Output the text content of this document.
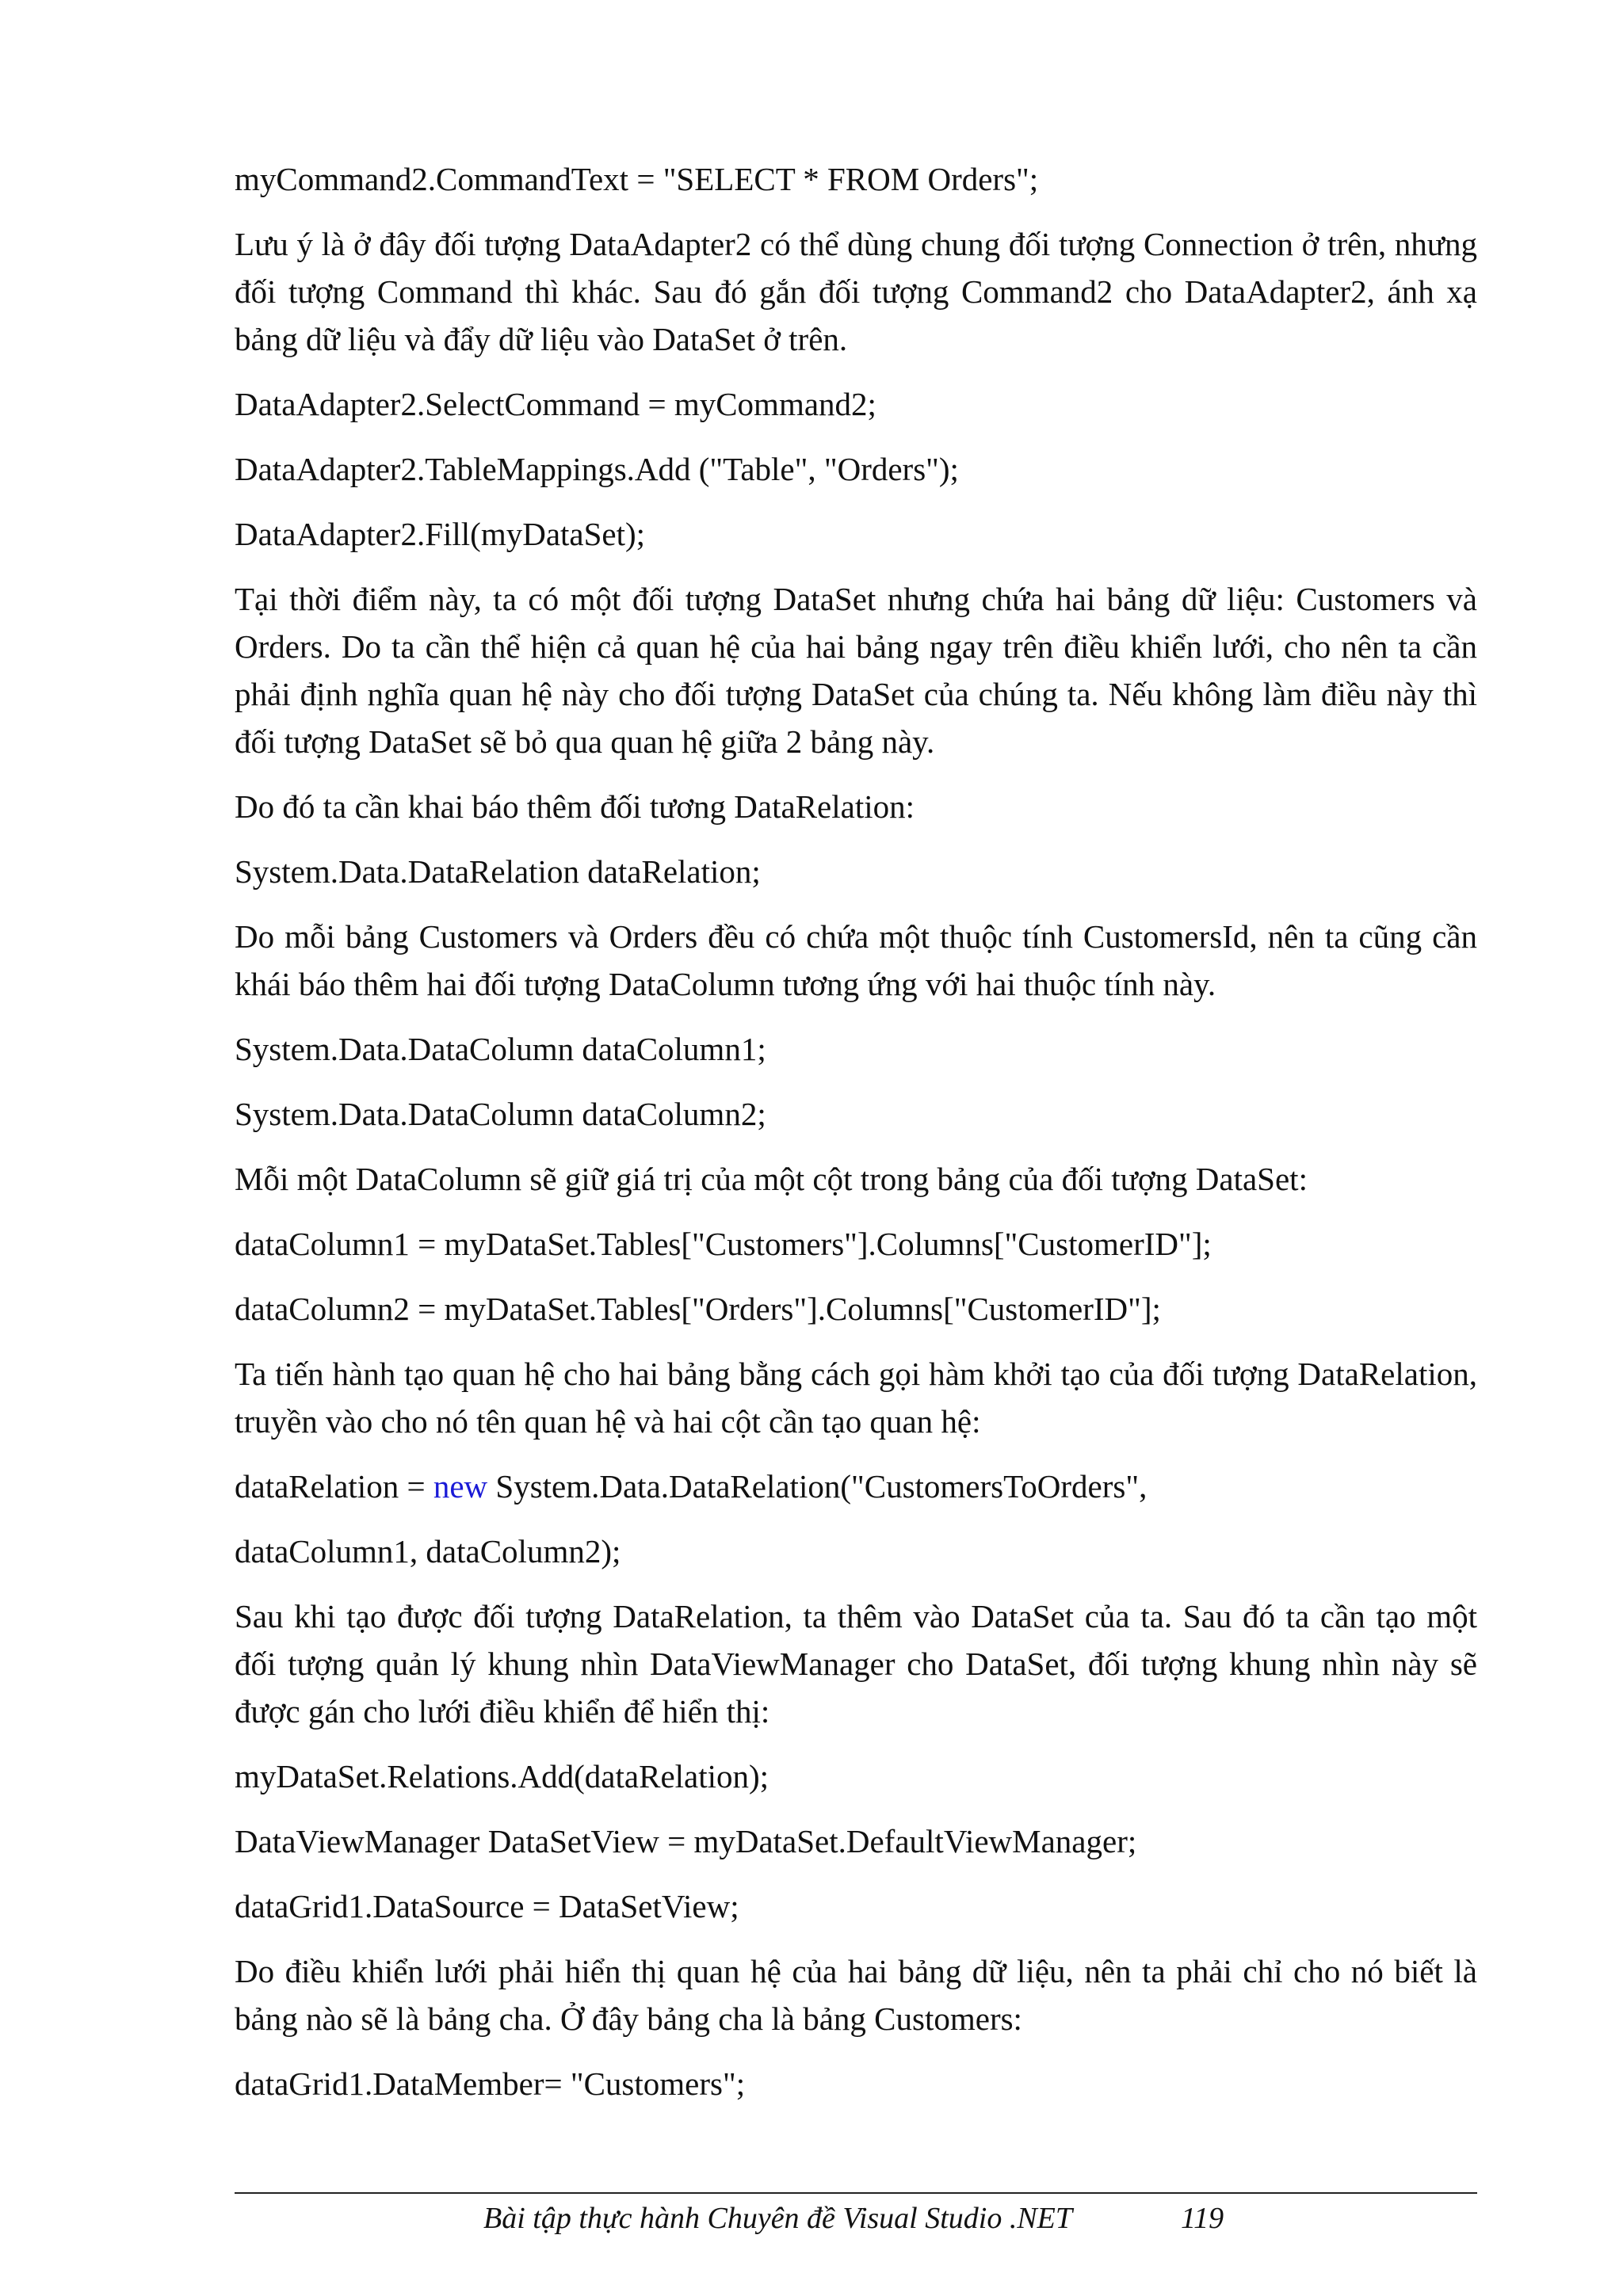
myCommand2.CommandText = "SELECT * FROM Orders";
Lưu ý là ở đây đối tượng DataAdapter2 có thể dùng chung đối tượng Connection ở trên, nhưng đối tượng Command thì khác. Sau đó gắn đối tượng Command2 cho DataAdapter2, ánh xạ bảng dữ liệu và đẩy dữ liệu vào DataSet ở trên.
DataAdapter2.SelectCommand = myCommand2;
DataAdapter2.TableMappings.Add ("Table", "Orders");
DataAdapter2.Fill(myDataSet);
Tại thời điểm này, ta có một đối tượng DataSet nhưng chứa hai bảng dữ liệu: Customers và Orders. Do ta cần thể hiện cả quan hệ của hai bảng ngay trên điều khiển lưới, cho nên ta cần phải định nghĩa quan hệ này cho đối tượng DataSet của chúng ta. Nếu không làm điều này thì đối tượng DataSet sẽ bỏ qua quan hệ giữa 2 bảng này.
Do đó ta cần khai báo thêm đối tương DataRelation:
System.Data.DataRelation dataRelation;
Do mỗi bảng Customers và Orders đều có chứa một thuộc tính CustomersId, nên ta cũng cần khái báo thêm hai đối tượng DataColumn tương ứng với hai thuộc tính này.
System.Data.DataColumn dataColumn1;
System.Data.DataColumn dataColumn2;
Mỗi một DataColumn sẽ giữ giá trị của một cột trong bảng của đối tượng DataSet:
dataColumn1 = myDataSet.Tables["Customers"].Columns["CustomerID"];
dataColumn2 = myDataSet.Tables["Orders"].Columns["CustomerID"];
Ta tiến hành tạo quan hệ cho hai bảng bằng cách gọi hàm khởi tạo của đối tượng DataRelation, truyền vào cho nó tên quan hệ và hai cột cần tạo quan hệ:
dataRelation = new System.Data.DataRelation("CustomersToOrders",
dataColumn1, dataColumn2);
Sau khi tạo được đối tượng DataRelation, ta thêm vào DataSet của ta. Sau đó ta cần tạo một đối tượng quản lý khung nhìn DataViewManager cho DataSet, đối tượng khung nhìn này sẽ được gán cho lưới điều khiển để hiển thị:
myDataSet.Relations.Add(dataRelation);
DataViewManager DataSetView = myDataSet.DefaultViewManager;
dataGrid1.DataSource = DataSetView;
Do điều khiển lưới phải hiển thị quan hệ của hai bảng dữ liệu, nên ta phải chỉ cho nó biết là bảng nào sẽ là bảng cha. Ở đây bảng cha là bảng Customers:
dataGrid1.DataMember= "Customers";
Bài tập thực hành Chuyên đề Visual Studio .NET	119
